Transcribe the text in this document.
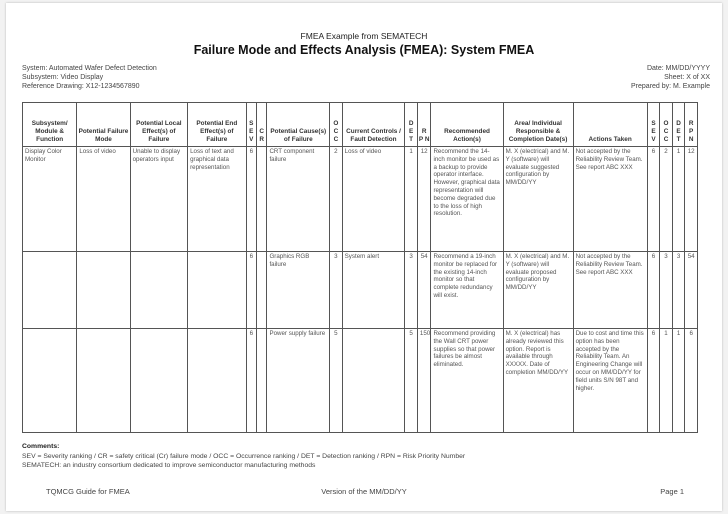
FMEA Example from SEMATECH
Failure Mode and Effects Analysis (FMEA): System FMEA
System: Automated Wafer Defect Detection
Subsystem: Video Display
Reference Drawing: X12-1234567890
Date: MM/DD/YYYY
Sheet: X of XX
Prepared by: M. Example
Subsystem/ Module & Function	Potential Failure Mode	Potential Local Effect(s) of Failure	Potential End Effect(s) of Failure	S E V	C R	Potential Cause(s) of Failure	O C C	Current Controls / Fault Detection	D E T	R P N	Recommended Action(s)	Area/ Individual Responsible & Completion Date(s)	Actions Taken	S E V	O C C	D E T	R P N
Display Color Monitor	Loss of video	Unable to display operators input	Loss of text and graphical data representation	6		CRT component failure	2	Loss of video	1	12	Recommend the 14-inch monitor be used as a backup to provide operator interface. However, graphical data representation will become degraded due to the loss of high resolution.	M. X (electrical) and M. Y (software) will evaluate suggested configuration by MM/DD/YY	Not accepted by the Reliability Review Team. See report ABC XXX	6	2	1	12
				6		Graphics RGB failure	3	System alert	3	54	Recommend a 19-inch monitor be replaced for the existing 14-inch monitor so that complete redundancy will exist.	M. X (electrical) and M. Y (software) will evaluate proposed configuration by MM/DD/YY	Not accepted by the Reliability Review Team. See report ABC XXX	6	3	3	54
				6		Power supply failure	5		5	150	Recommend providing the Wall CRT power supplies so that power failures be almost eliminated.	M. X (electrical) has already reviewed this option. Report is available through XXXXX. Date of completion MM/DD/YY	Due to cost and time this option has been accepted by the Reliability Team. An Engineering Change will occur on MM/DD/YY for field units S/N 98T and higher.	6	1	1	6
Comments:
SEV = Severity ranking / CR = safety critical (Cr) failure mode / OCC = Occurrence ranking / DET = Detection ranking / RPN = Risk Priority Number
SEMATECH: an industry consortium dedicated to improve semiconductor manufacturing methods
TQMCG Guide for FMEA	Version of the MM/DD/YY	Page 1
